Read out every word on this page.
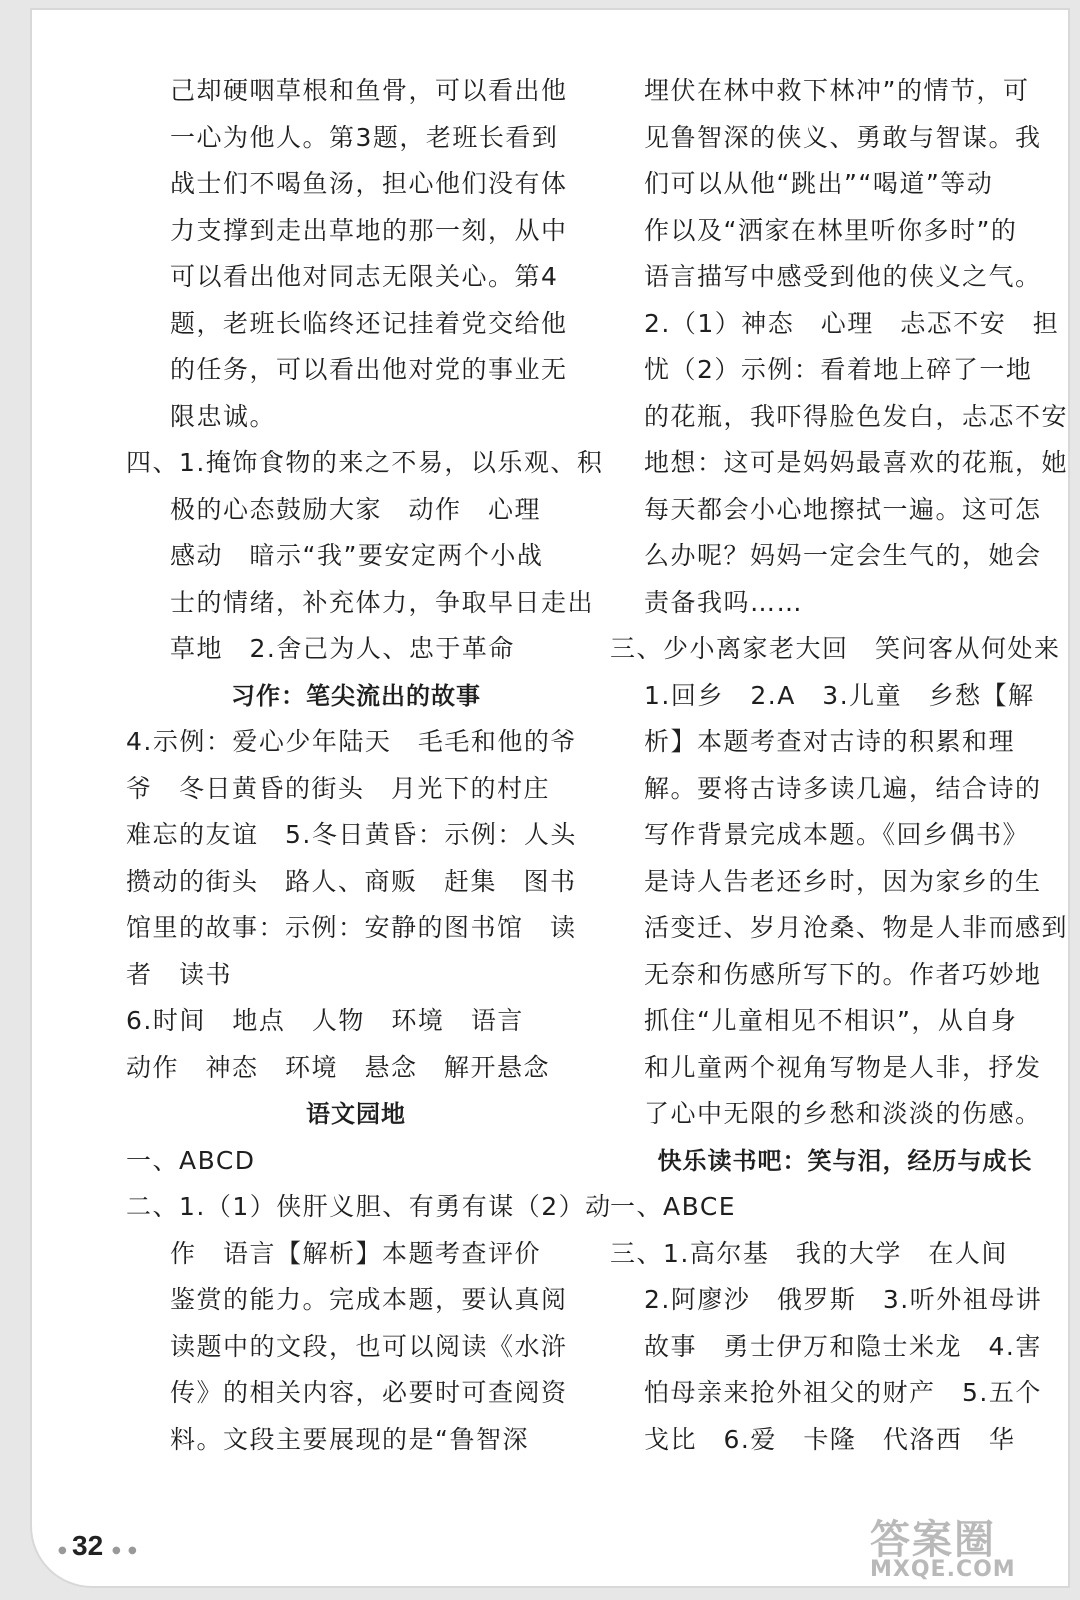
己却硬咽草根和鱼骨，可以看出他
一心为他人。第3题，老班长看到
战士们不喝鱼汤，担心他们没有体
力支撑到走出草地的那一刻，从中
可以看出他对同志无限关心。第4
题，老班长临终还记挂着党交给他
的任务，可以看出他对党的事业无
限忠诚。
四、1.掩饰食物的来之不易，以乐观、积
极的心态鼓励大家　动作　心理
感动　暗示“我”要安定两个小战
士的情绪，补充体力，争取早日走出
草地　2.舍己为人、忠于革命
习作：笔尖流出的故事
4.示例：爱心少年陆天　毛毛和他的爷
爷　冬日黄昏的街头　月光下的村庄
难忘的友谊　5.冬日黄昏：示例：人头
攒动的街头　路人、商贩　赶集　图书
馆里的故事：示例：安静的图书馆　读
者　读书
6.时间　地点　人物　环境　语言
动作　神态　环境　悬念　解开悬念
语文园地
一、ABCD
二、1.（1）侠肝义胆、有勇有谋（2）动
作　语言【解析】本题考查评价
鉴赏的能力。完成本题，要认真阅
读题中的文段，也可以阅读《水浒
传》的相关内容，必要时可查阅资
料。文段主要展现的是“鲁智深
埋伏在林中救下林冲”的情节，可
见鲁智深的侠义、勇敢与智谋。我
们可以从他“跳出”“喝道”等动
作以及“洒家在林里听你多时”的
语言描写中感受到他的侠义之气。
2.（1）神态　心理　忐忑不安　担
忧（2）示例：看着地上碎了一地
的花瓶，我吓得脸色发白，忐忑不安
地想：这可是妈妈最喜欢的花瓶，她
每天都会小心地擦拭一遍。这可怎
么办呢？妈妈一定会生气的，她会
责备我吗……
三、少小离家老大回　笑问客从何处来
1.回乡　2.A　3.儿童　乡愁【解
析】本题考查对古诗的积累和理
解。要将古诗多读几遍，结合诗的
写作背景完成本题。《回乡偶书》
是诗人告老还乡时，因为家乡的生
活变迁、岁月沧桑、物是人非而感到
无奈和伤感所写下的。作者巧妙地
抓住“儿童相见不相识”，从自身
和儿童两个视角写物是人非，抒发
了心中无限的乡愁和淡淡的伤感。
快乐读书吧：笑与泪，经历与成长
一、ABCE
三、1.高尔基　我的大学　在人间
2.阿廖沙　俄罗斯　3.听外祖母讲
故事　勇士伊万和隐士米龙　4.害
怕母亲来抢外祖父的财产　5.五个
戈比　6.爱　卡隆　代洛西　华
● 32 ● ●	答案圈
MXQE.COM
